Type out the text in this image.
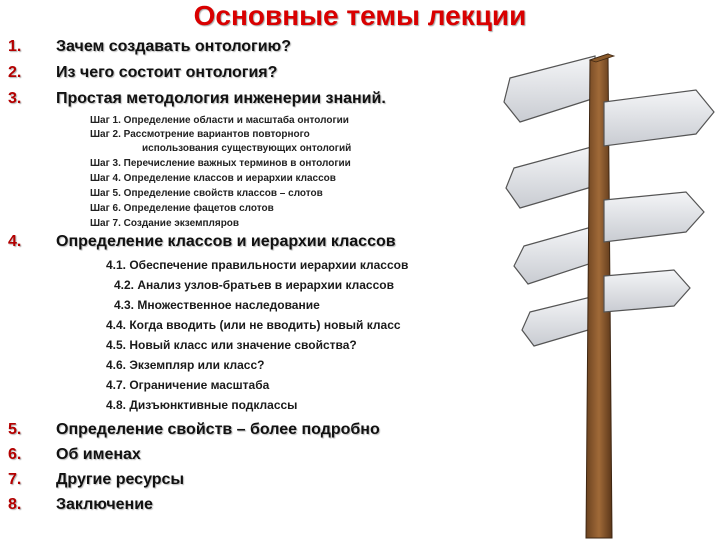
Основные темы лекции
1.	Зачем создавать онтологию?
2.	Из чего состоит онтология?
3.	Простая методология инженерии знаний.
Шаг 1. Определение области и масштаба онтологии
Шаг 2. Рассмотрение вариантов повторного
использования существующих онтологий
Шаг 3. Перечисление важных терминов в онтологии
Шаг 4. Определение классов и иерархии классов
Шаг 5. Определение свойств классов – слотов
Шаг 6. Определение фацетов слотов
Шаг 7. Создание экземпляров
4.	Определение классов и иерархии классов
4.1. Обеспечение правильности иерархии классов
4.2. Анализ узлов-братьев в иерархии классов
4.3. Множественное наследование
4.4. Когда вводить (или не вводить) новый класс
4.5. Новый класс или значение свойства?
4.6. Экземпляр или класс?
4.7. Ограничение масштаба
4.8. Дизъюнктивные подклассы
5.	Определение свойств – более подробно
6.	Об именах
7.	Другие ресурсы
8.	Заключение
